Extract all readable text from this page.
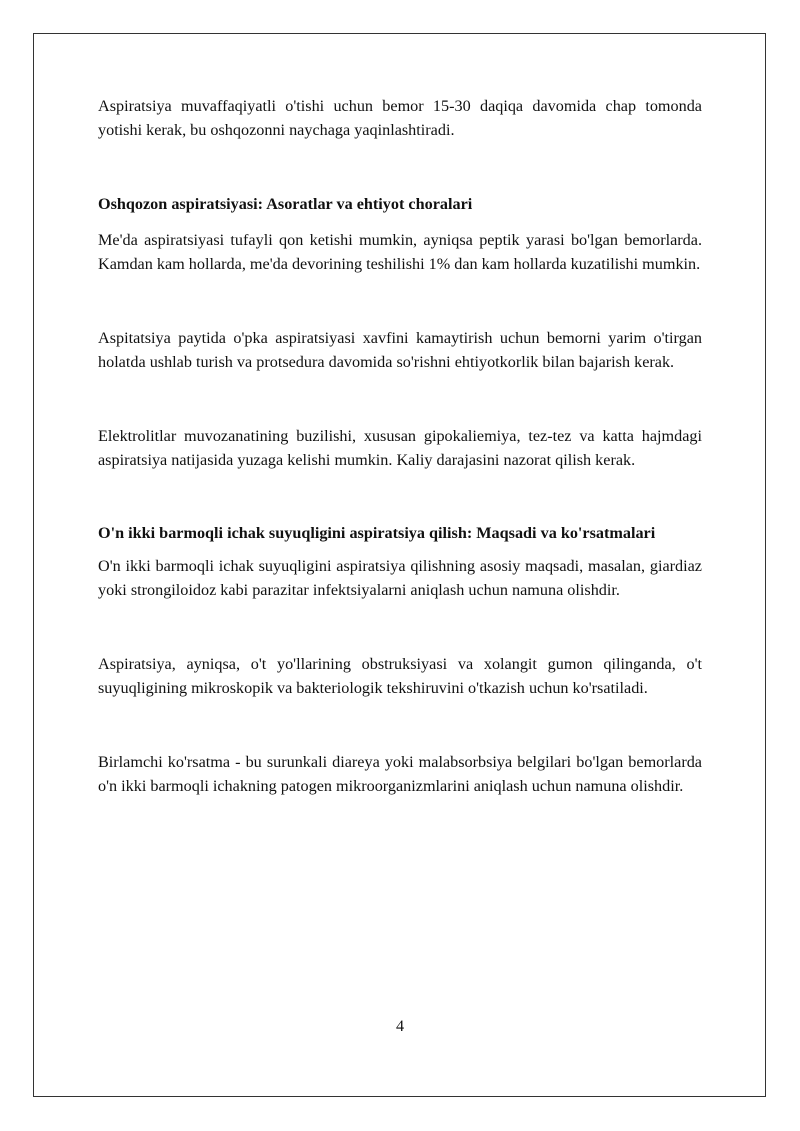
Aspiratsiya muvaffaqiyatli o'tishi uchun bemor 15-30 daqiqa davomida chap tomonda yotishi kerak, bu oshqozonni naychaga yaqinlashtiradi.

Oshqozon aspiratsiyasi: Asoratlar va ehtiyot choralari

Me'da aspiratsiyasi tufayli qon ketishi mumkin, ayniqsa peptik yarasi bo'lgan bemorlarda. Kamdan kam hollarda, me'da devorining teshilishi 1% dan kam hollarda kuzatilishi mumkin.

Aspitatsiya paytida o'pka aspiratsiyasi xavfini kamaytirish uchun bemorni yarim o'tirgan holatda ushlab turish va protsedura davomida so'rishni ehtiyotkorlik bilan bajarish kerak.

Elektrolitlar muvozanatining buzilishi, xususan gipokaliemiya, tez-tez va katta hajmdagi aspiratsiya natijasida yuzaga kelishi mumkin. Kaliy darajasini nazorat qilish kerak.

O'n ikki barmoqli ichak suyuqligini aspiratsiya qilish: Maqsadi va ko'rsatmalari

O'n ikki barmoqli ichak suyuqligini aspiratsiya qilishning asosiy maqsadi, masalan, giardiaz yoki strongiloidoz kabi parazitar infektsiyalarni aniqlash uchun namuna olishdir.

Aspiratsiya, ayniqsa, o't yo'llarining obstruksiyasi va xolangit gumon qilinganda, o't suyuqligining mikroskopik va bakteriologik tekshiruvini o'tkazish uchun ko'rsatiladi.

Birlamchi ko'rsatma - bu surunkali diareya yoki malabsorbsiya belgilari bo'lgan bemorlarda o'n ikki barmoqli ichakning patogen mikroorganizmlarini aniqlash uchun namuna olishdir.

4
